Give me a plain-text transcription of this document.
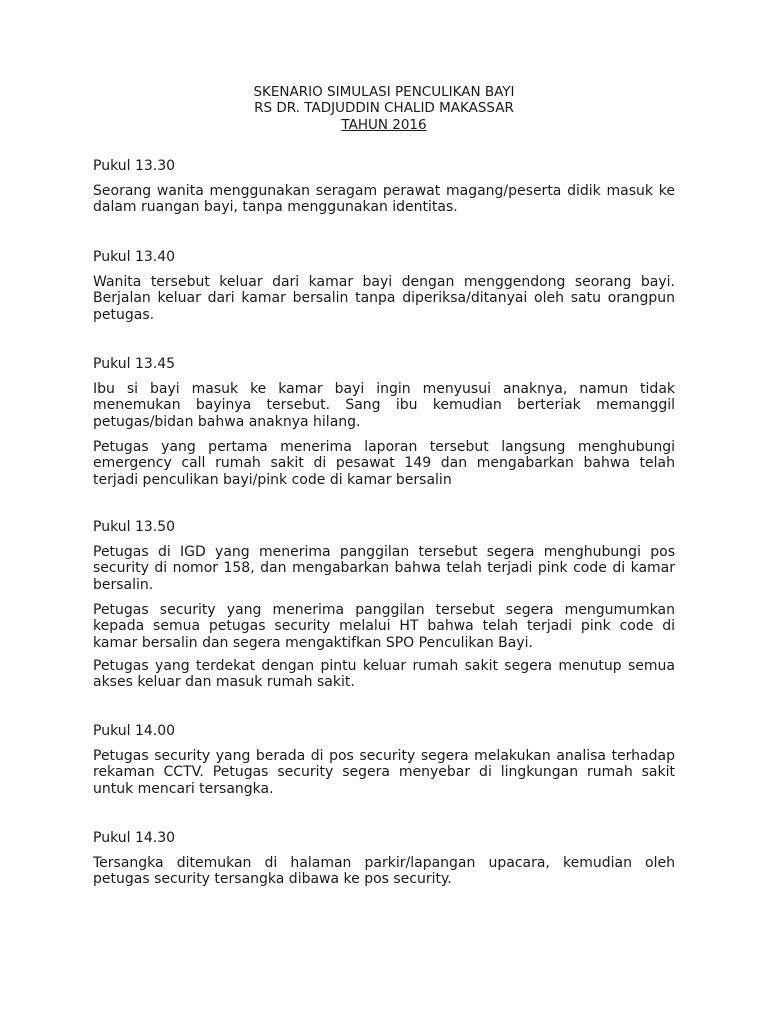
SKENARIO SIMULASI PENCULIKAN BAYI
RS DR. TADJUDDIN CHALID MAKASSAR
TAHUN 2016
Pukul 13.30
Seorang wanita menggunakan seragam perawat magang/peserta didik masuk ke
dalam ruangan bayi, tanpa menggunakan identitas.
Pukul 13.40
Wanita tersebut keluar dari kamar bayi dengan menggendong seorang bayi.
Berjalan keluar dari kamar bersalin tanpa diperiksa/ditanyai oleh satu orangpun
petugas.
Pukul 13.45
Ibu si bayi masuk ke kamar bayi ingin menyusui anaknya, namun tidak
menemukan bayinya tersebut. Sang ibu kemudian berteriak memanggil
petugas/bidan bahwa anaknya hilang.
Petugas yang pertama menerima laporan tersebut langsung menghubungi
emergency call rumah sakit di pesawat 149 dan mengabarkan bahwa telah
terjadi penculikan bayi/pink code di kamar bersalin
Pukul 13.50
Petugas di IGD yang menerima panggilan tersebut segera menghubungi pos
security di nomor 158, dan mengabarkan bahwa telah terjadi pink code di kamar
bersalin.
Petugas security yang menerima panggilan tersebut segera mengumumkan
kepada semua petugas security melalui HT bahwa telah terjadi pink code di
kamar bersalin dan segera mengaktifkan SPO Penculikan Bayi.
Petugas yang terdekat dengan pintu keluar rumah sakit segera menutup semua
akses keluar dan masuk rumah sakit.
Pukul 14.00
Petugas security yang berada di pos security segera melakukan analisa terhadap
rekaman CCTV. Petugas security segera menyebar di lingkungan rumah sakit
untuk mencari tersangka.
Pukul 14.30
Tersangka ditemukan di halaman parkir/lapangan upacara, kemudian oleh
petugas security tersangka dibawa ke pos security.
